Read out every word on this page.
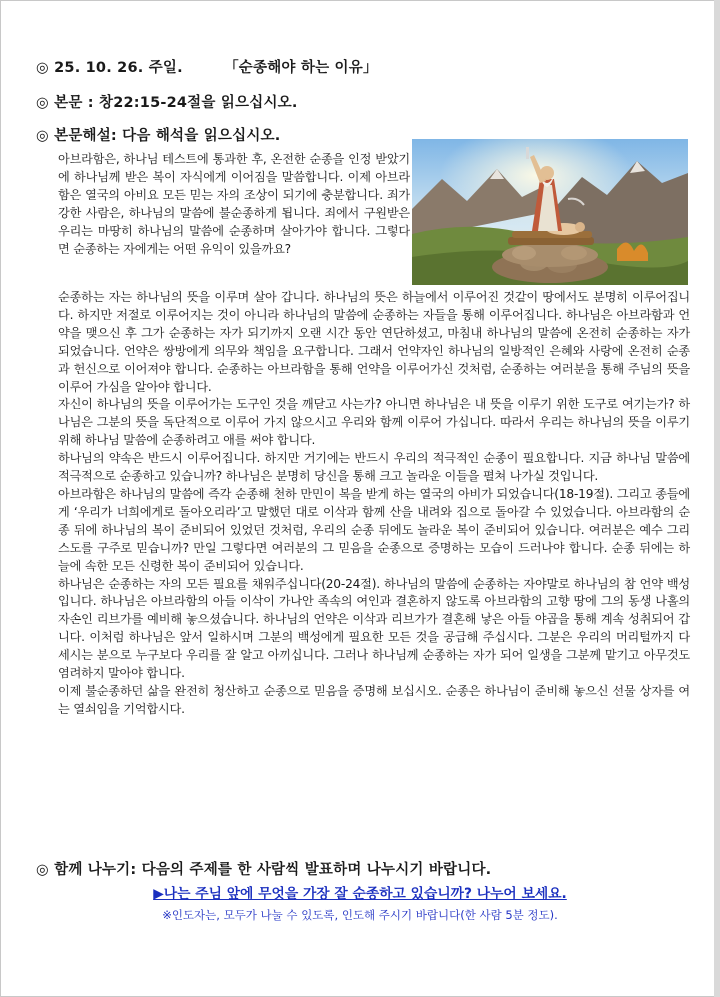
◎ 25. 10. 26. 주일.	「순종해야 하는 이유」
◎ 본문 : 창22:15-24절을 읽으십시오.
◎ 본문해설: 다음 해석을 읽으십시오.
아브라함은, 하나님 테스트에 통과한 후, 온전한 순종을 인정 받았기에 하나님께 받은 복이 자식에게 이어짐을 말씀합니다. 이제 아브라함은 열국의 아비요 모든 믿는 자의 조상이 되기에 충분합니다. 죄가 강한 사람은, 하나님의 말씀에 불순종하게 됩니다. 죄에서 구원받은 우리는 마땅히 하나님의 말씀에 순종하며 살아가야 합니다. 그렇다면 순종하는 자에게는 어떤 유익이 있을까요?

순종하는 자는 하나님의 뜻을 이루며 살아 갑니다. 하나님의 뜻은 하늘에서 이루어진 것같이 땅에서도 분명히 이루어집니다. 하지만 저절로 이루어지는 것이 아니라 하나님의 말씀에 순종하는 자들을 통해 이루어집니다. 하나님은 아브라함과 언약을 맺으신 후 그가 순종하는 자가 되기까지 오랜 시간 동안 연단하셨고, 마침내 하나님의 말씀에 온전히 순종하는 자가 되었습니다. 언약은 쌍방에게 의무와 책임을 요구합니다. 그래서 언약자인 하나님의 일방적인 은혜와 사랑에 온전히 순종과 헌신으로 이어져야 합니다. 순종하는 아브라함을 통해 언약을 이루어가신 것처럼, 순종하는 여러분을 통해 주님의 뜻을 이루어 가심을 알아야 합니다.

자신이 하나님의 뜻을 이루어가는 도구인 것을 깨닫고 사는가? 아니면 하나님은 내 뜻을 이루기 위한 도구로 여기는가? 하나님은 그분의 뜻을 독단적으로 이루어 가지 않으시고 우리와 함께 이루어 가십니다. 따라서 우리는 하나님의 뜻을 이루기 위해 하나님 말씀에 순종하려고 애를 써야 합니다.

하나님의 약속은 반드시 이루어집니다. 하지만 거기에는 반드시 우리의 적극적인 순종이 필요합니다. 지금 하나님 말씀에 적극적으로 순종하고 있습니까? 하나님은 분명히 당신을 통해 크고 놀라운 이들을 펼쳐 나가실 것입니다.

아브라함은 하나님의 말씀에 즉각 순종해 천하 만민이 복을 받게 하는 열국의 아비가 되었습니다(18-19절). 그리고 종들에게 ‘우리가 너희에게로 돌아오리라’고 말했던 대로 이삭과 함께 산을 내려와 집으로 돌아갈 수 있었습니다. 아브라함의 순종 뒤에 하나님의 복이 준비되어 있었던 것처럼, 우리의 순종 뒤에도 놀라운 복이 준비되어 있습니다. 여러분은 예수 그리스도를 구주로 믿습니까? 만일 그렇다면 여러분의 그 믿음을 순종으로 증명하는 모습이 드러나야 합니다. 순종 뒤에는 하늘에 속한 모든 신령한 복이 준비되어 있습니다.

하나님은 순종하는 자의 모든 필요를 채워주십니다(20-24절). 하나님의 말씀에 순종하는 자야말로 하나님의 참 언약 백성입니다. 하나님은 아브라함의 아들 이삭이 가나안 족속의 여인과 결혼하지 않도록 아브라함의 고향 땅에 그의 동생 나홀의 자손인 리브가를 예비해 놓으셨습니다. 하나님의 언약은 이삭과 리브가가 결혼해 낳은 아들 야곱을 통해 계속 성취되어 갑니다. 이처럼 하나님은 앞서 일하시며 그분의 백성에게 필요한 모든 것을 공급해 주십시다. 그분은 우리의 머리털까지 다 세시는 분으로 누구보다 우리를 잘 알고 아끼십니다. 그러나 하나님께 순종하는 자가 되어 일생을 그분께 맡기고 아무것도 염려하지 말아야 합니다.

이제 불순종하던 삶을 완전히 청산하고 순종으로 믿음을 증명해 보십시오. 순종은 하나님이 준비해 놓으신 선물 상자를 여는 열쇠임을 기억합시다.

◎ 함께 나누기: 다음의 주제를 한 사람씩 발표하며 나누시기 바랍니다.
▶나는 주님 앞에 무엇을 가장 잘 순종하고 있습니까? 나누어 보세요.
※인도자는, 모두가 나눌 수 있도록, 인도해 주시기 바랍니다(한 사람 5분 정도).
